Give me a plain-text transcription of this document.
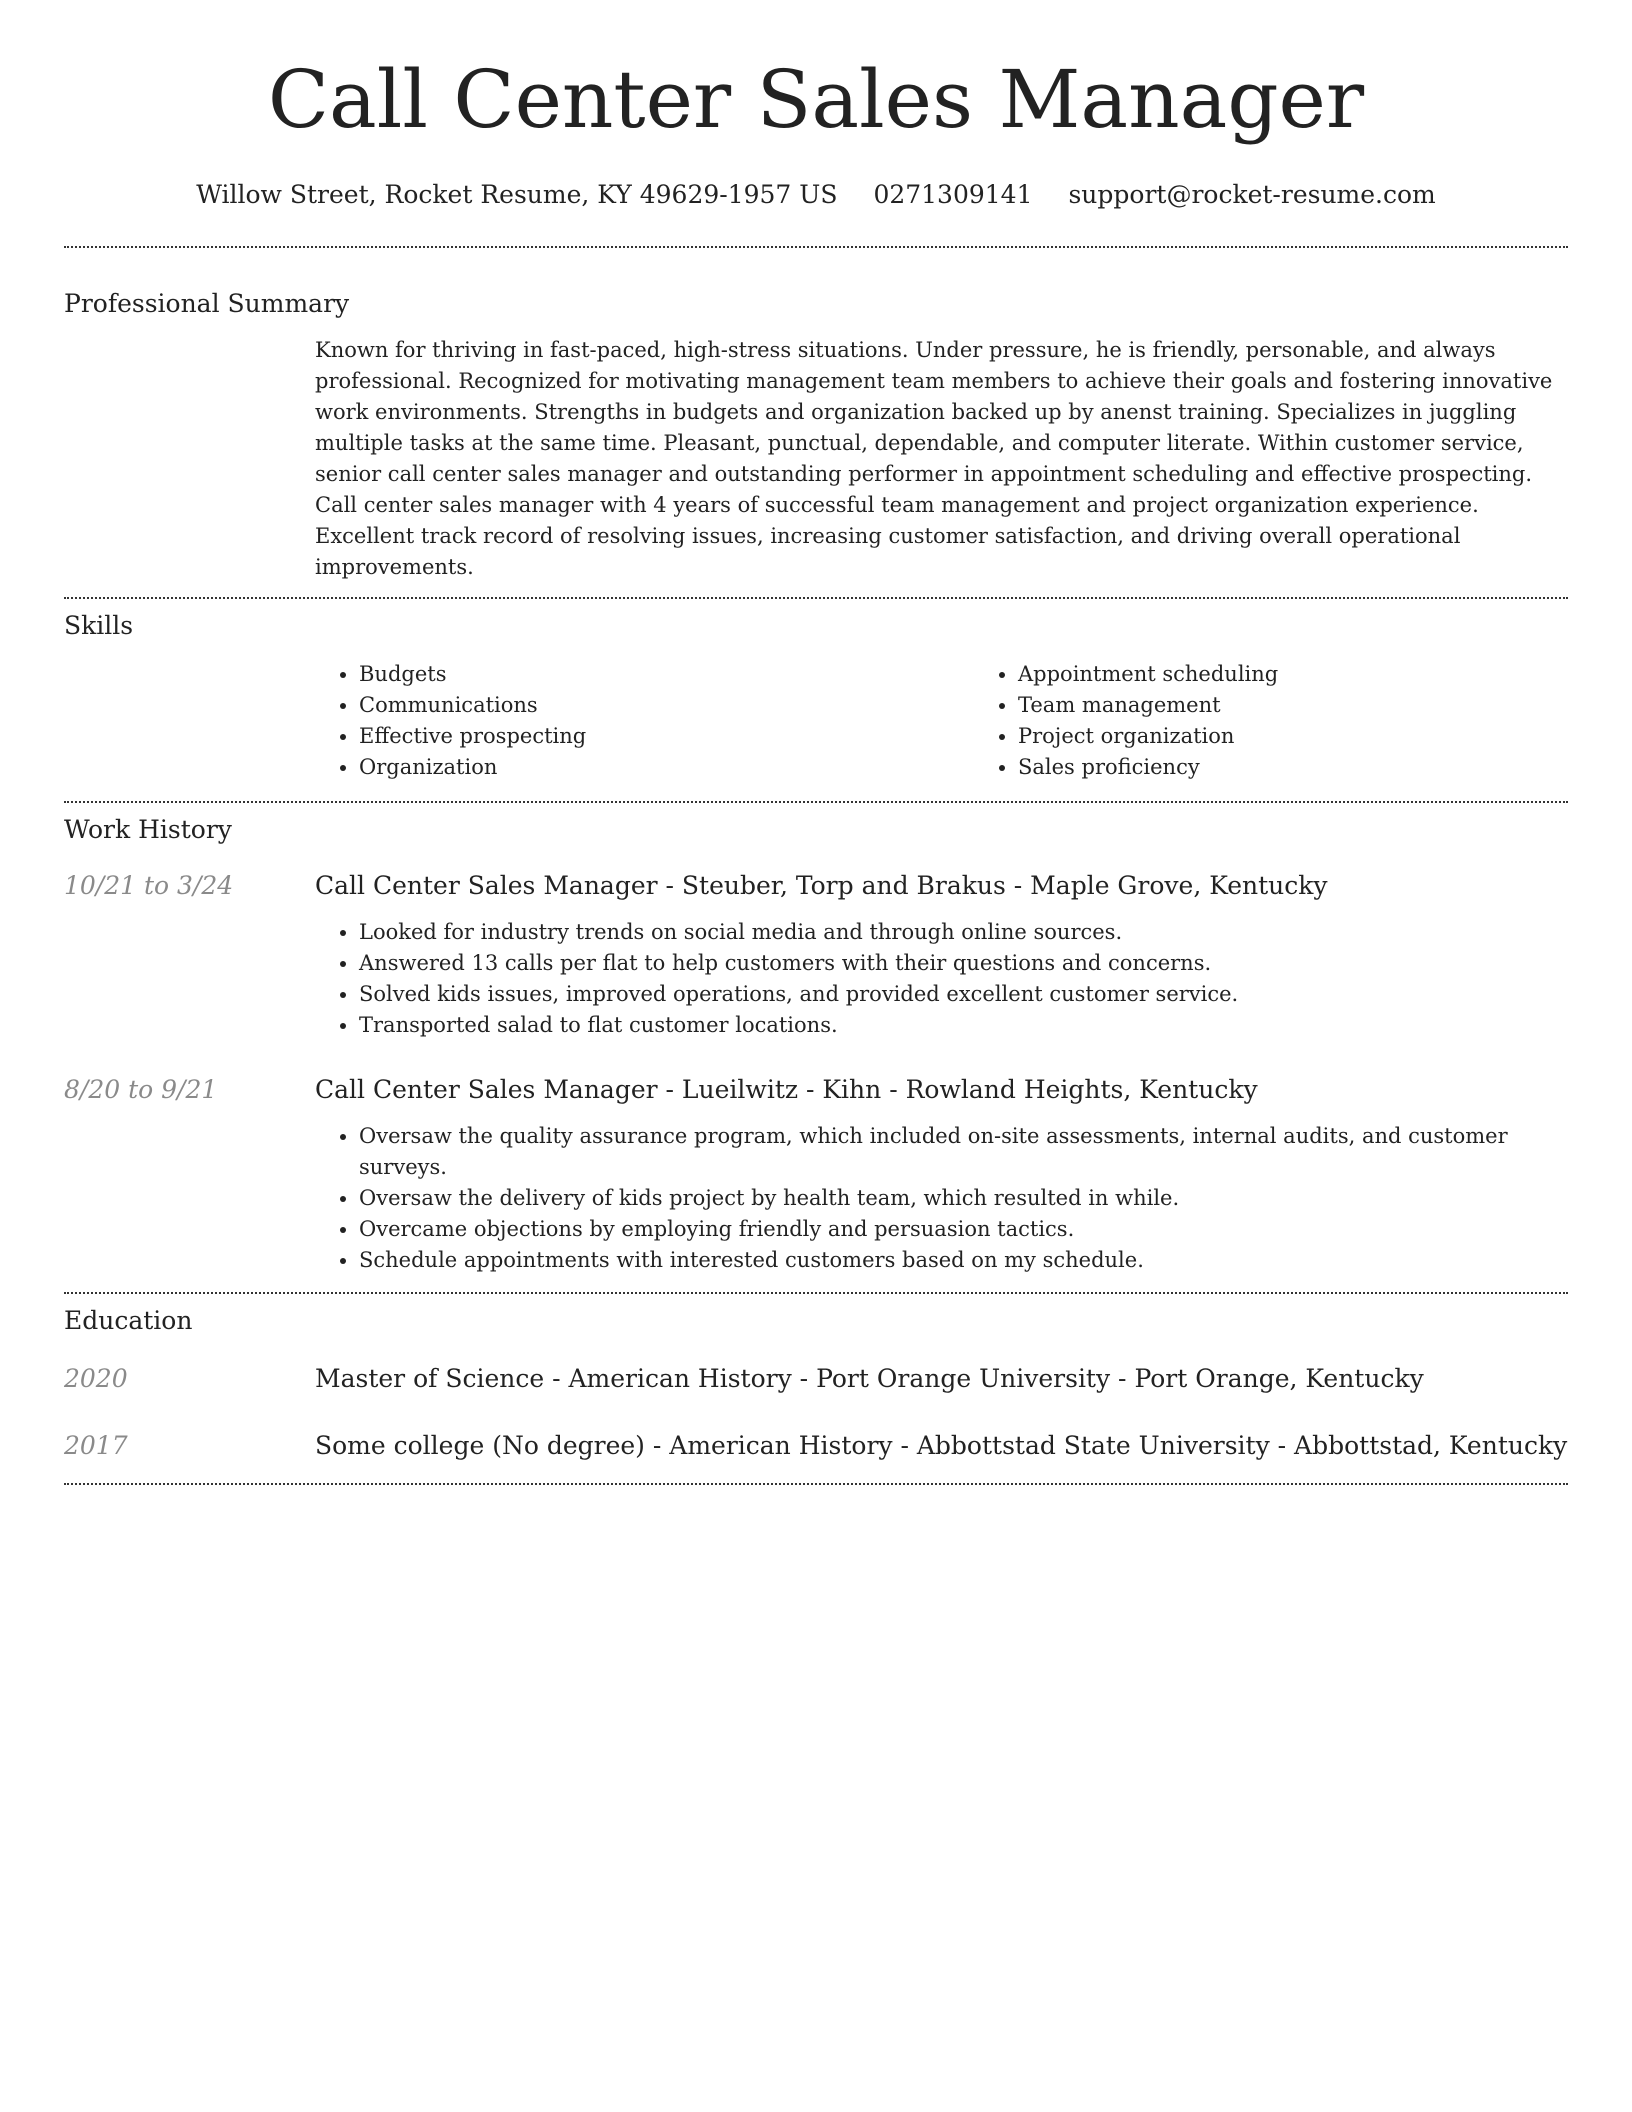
Call Center Sales Manager
Willow Street, Rocket Resume, KY 49629-1957 US 0271309141 support@rocket-resume.com
Professional Summary

Known for thriving in fast-paced, high-stress situations. Under pressure, he is friendly, personable, and always professional. Recognized for motivating management team members to achieve their goals and fostering innovative work environments. Strengths in budgets and organization backed up by anenst training. Specializes in juggling multiple tasks at the same time. Pleasant, punctual, dependable, and computer literate. Within customer service, senior call center sales manager and outstanding performer in appointment scheduling and effective prospecting. Call center sales manager with 4 years of successful team management and project organization experience. Excellent track record of resolving issues, increasing customer satisfaction, and driving overall operational improvements.

Skills
• Budgets
• Communications
• Effective prospecting
• Organization
• Appointment scheduling
• Team management
• Project organization
• Sales proficiency
Work History
10/21 to 3/24	Call Center Sales Manager - Steuber, Torp and Brakus - Maple Grove, Kentucky
• Looked for industry trends on social media and through online sources.
• Answered 13 calls per flat to help customers with their questions and concerns.
• Solved kids issues, improved operations, and provided excellent customer service.
• Transported salad to flat customer locations.
8/20 to 9/21	Call Center Sales Manager - Lueilwitz - Kihn - Rowland Heights, Kentucky
• Oversaw the quality assurance program, which included on-site assessments, internal audits, and customer surveys.
• Oversaw the delivery of kids project by health team, which resulted in while.
• Overcame objections by employing friendly and persuasion tactics.
• Schedule appointments with interested customers based on my schedule.
Education
2020	Master of Science - American History - Port Orange University - Port Orange, Kentucky
2017	Some college (No degree) - American History - Abbottstad State University - Abbottstad, Kentucky
